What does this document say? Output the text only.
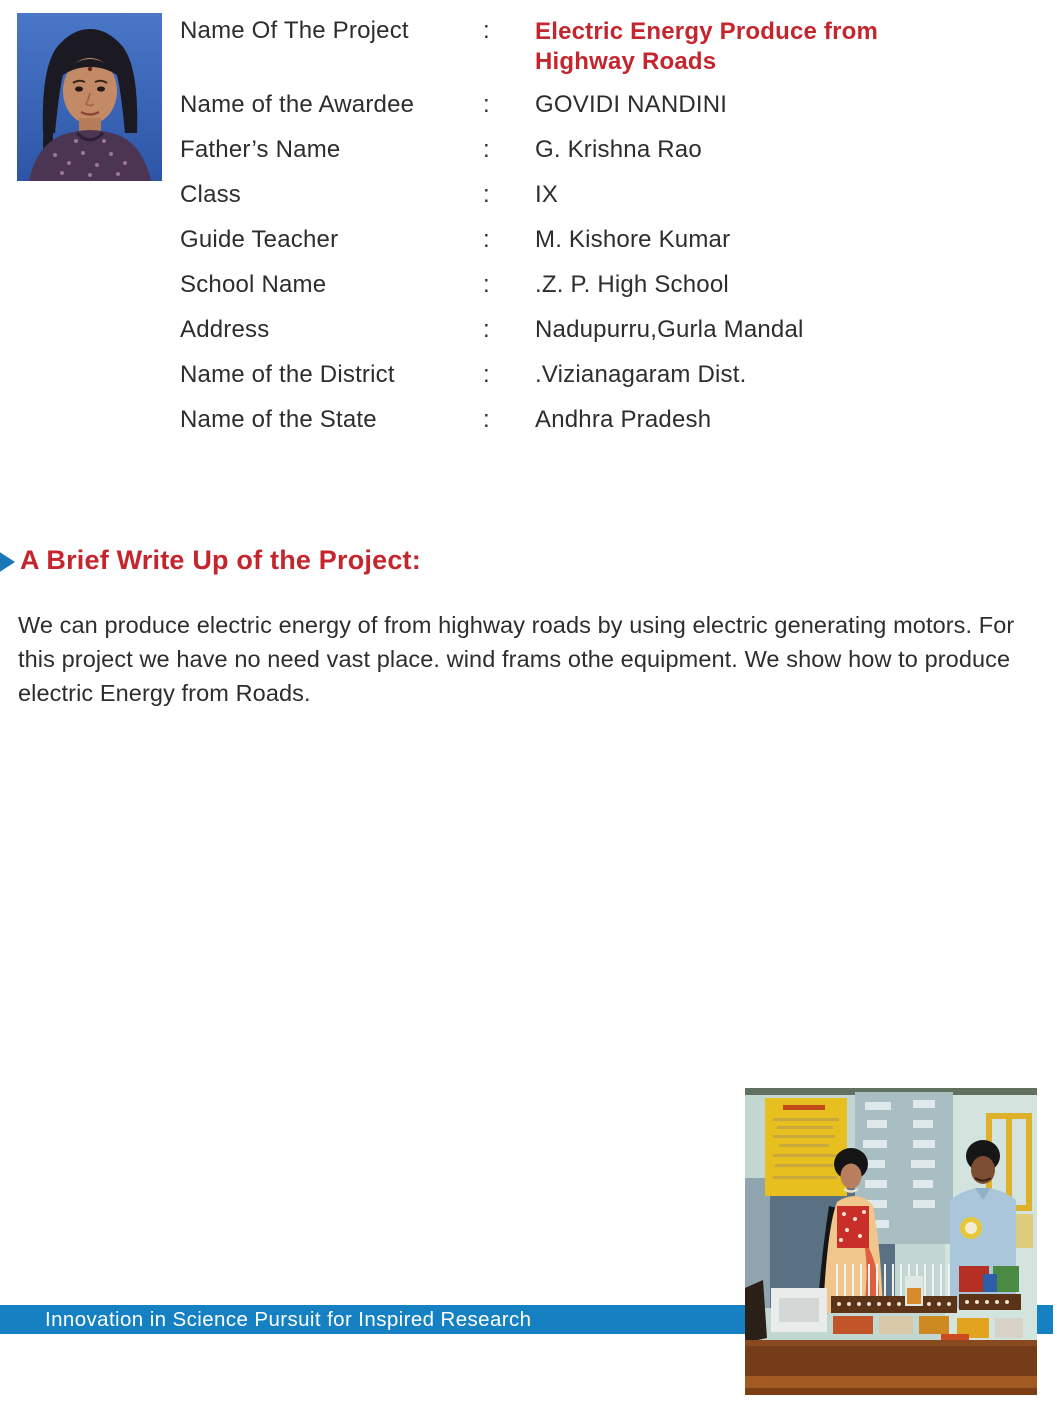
Name Of The Project	: Electric Energy Produce from Highway Roads
Name of the Awardee	: GOVIDI NANDINI
Father’s Name	: G. Krishna Rao
Class	: IX
Guide Teacher	: M. Kishore Kumar
School Name	: .Z. P. High School
Address	: Nadupurru,Gurla Mandal
Name of the District	: .Vizianagaram Dist.
Name of the State	: Andhra Pradesh
A Brief Write Up of the Project:
We can produce electric energy of from highway roads by using electric generating motors. For this project we have no need vast place. wind frams othe equipment. We show how to produce electric Energy from Roads.
Innovation in Science Pursuit for Inspired Research
